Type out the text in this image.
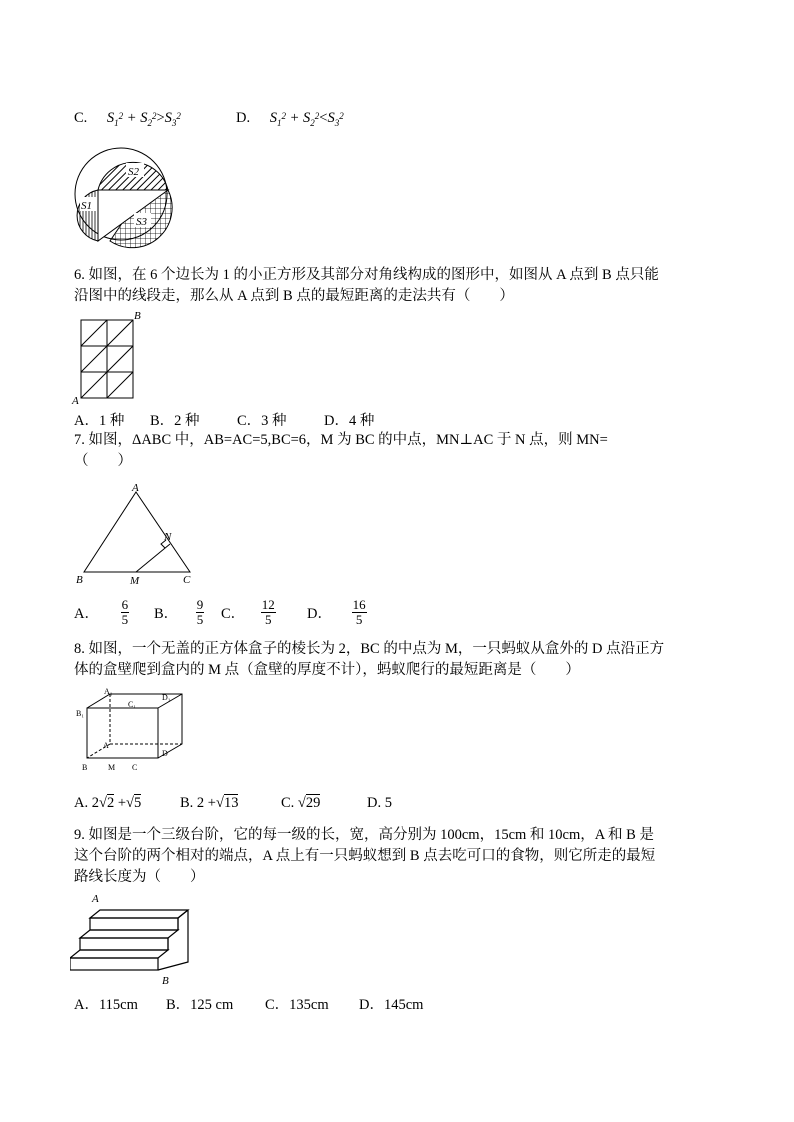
C. $S_1^2 + S_2^2>S_3^2$	D. $S_1^2 + S_2^2<S_3^2$
S2
S1
S3
6. 如图，在 6 个边长为 1 的小正方形及其部分对角线构成的图形中，如图从 A 点到 B 点只能
沿图中的线段走，那么从 A 点到 B 点的最短距离的走法共有（　　）
B
A
A．1 种 B．2 种	C．3 种	D．4 种
7. 如图，ΔABC 中，AB=AC=5,BC=6，M 为 BC 的中点，MN⊥AC 于 N 点，则 MN=
（　　）
A
N
B	M	C
A． $\frac{6}{5}$ B． $\frac{9}{5}$ C． $\frac{12}{5}$ D． $\frac{16}{5}$
8. 如图，一个无盖的正方体盒子的棱长为 2，BC 的中点为 M，一只蚂蚁从盒外的 D 点沿正方
体的盒壁爬到盒内的 M 点（盒壁的厚度不计），蚂蚁爬行的最短距离是（　　）
A₁
D₁
B₁
C₁
A
D
B	M C
A. 2√2 +√5	B. 2 +√13	C. √29	D. 5
9. 如图是一个三级台阶，它的每一级的长，宽，高分别为 100cm，15cm 和 10cm，A 和 B 是
这个台阶的两个相对的端点，A 点上有一只蚂蚁想到 B 点去吃可口的食物，则它所走的最短
路线长度为（　　）
A
B
A．115cm B．125 cm C．135cm D．145cm
